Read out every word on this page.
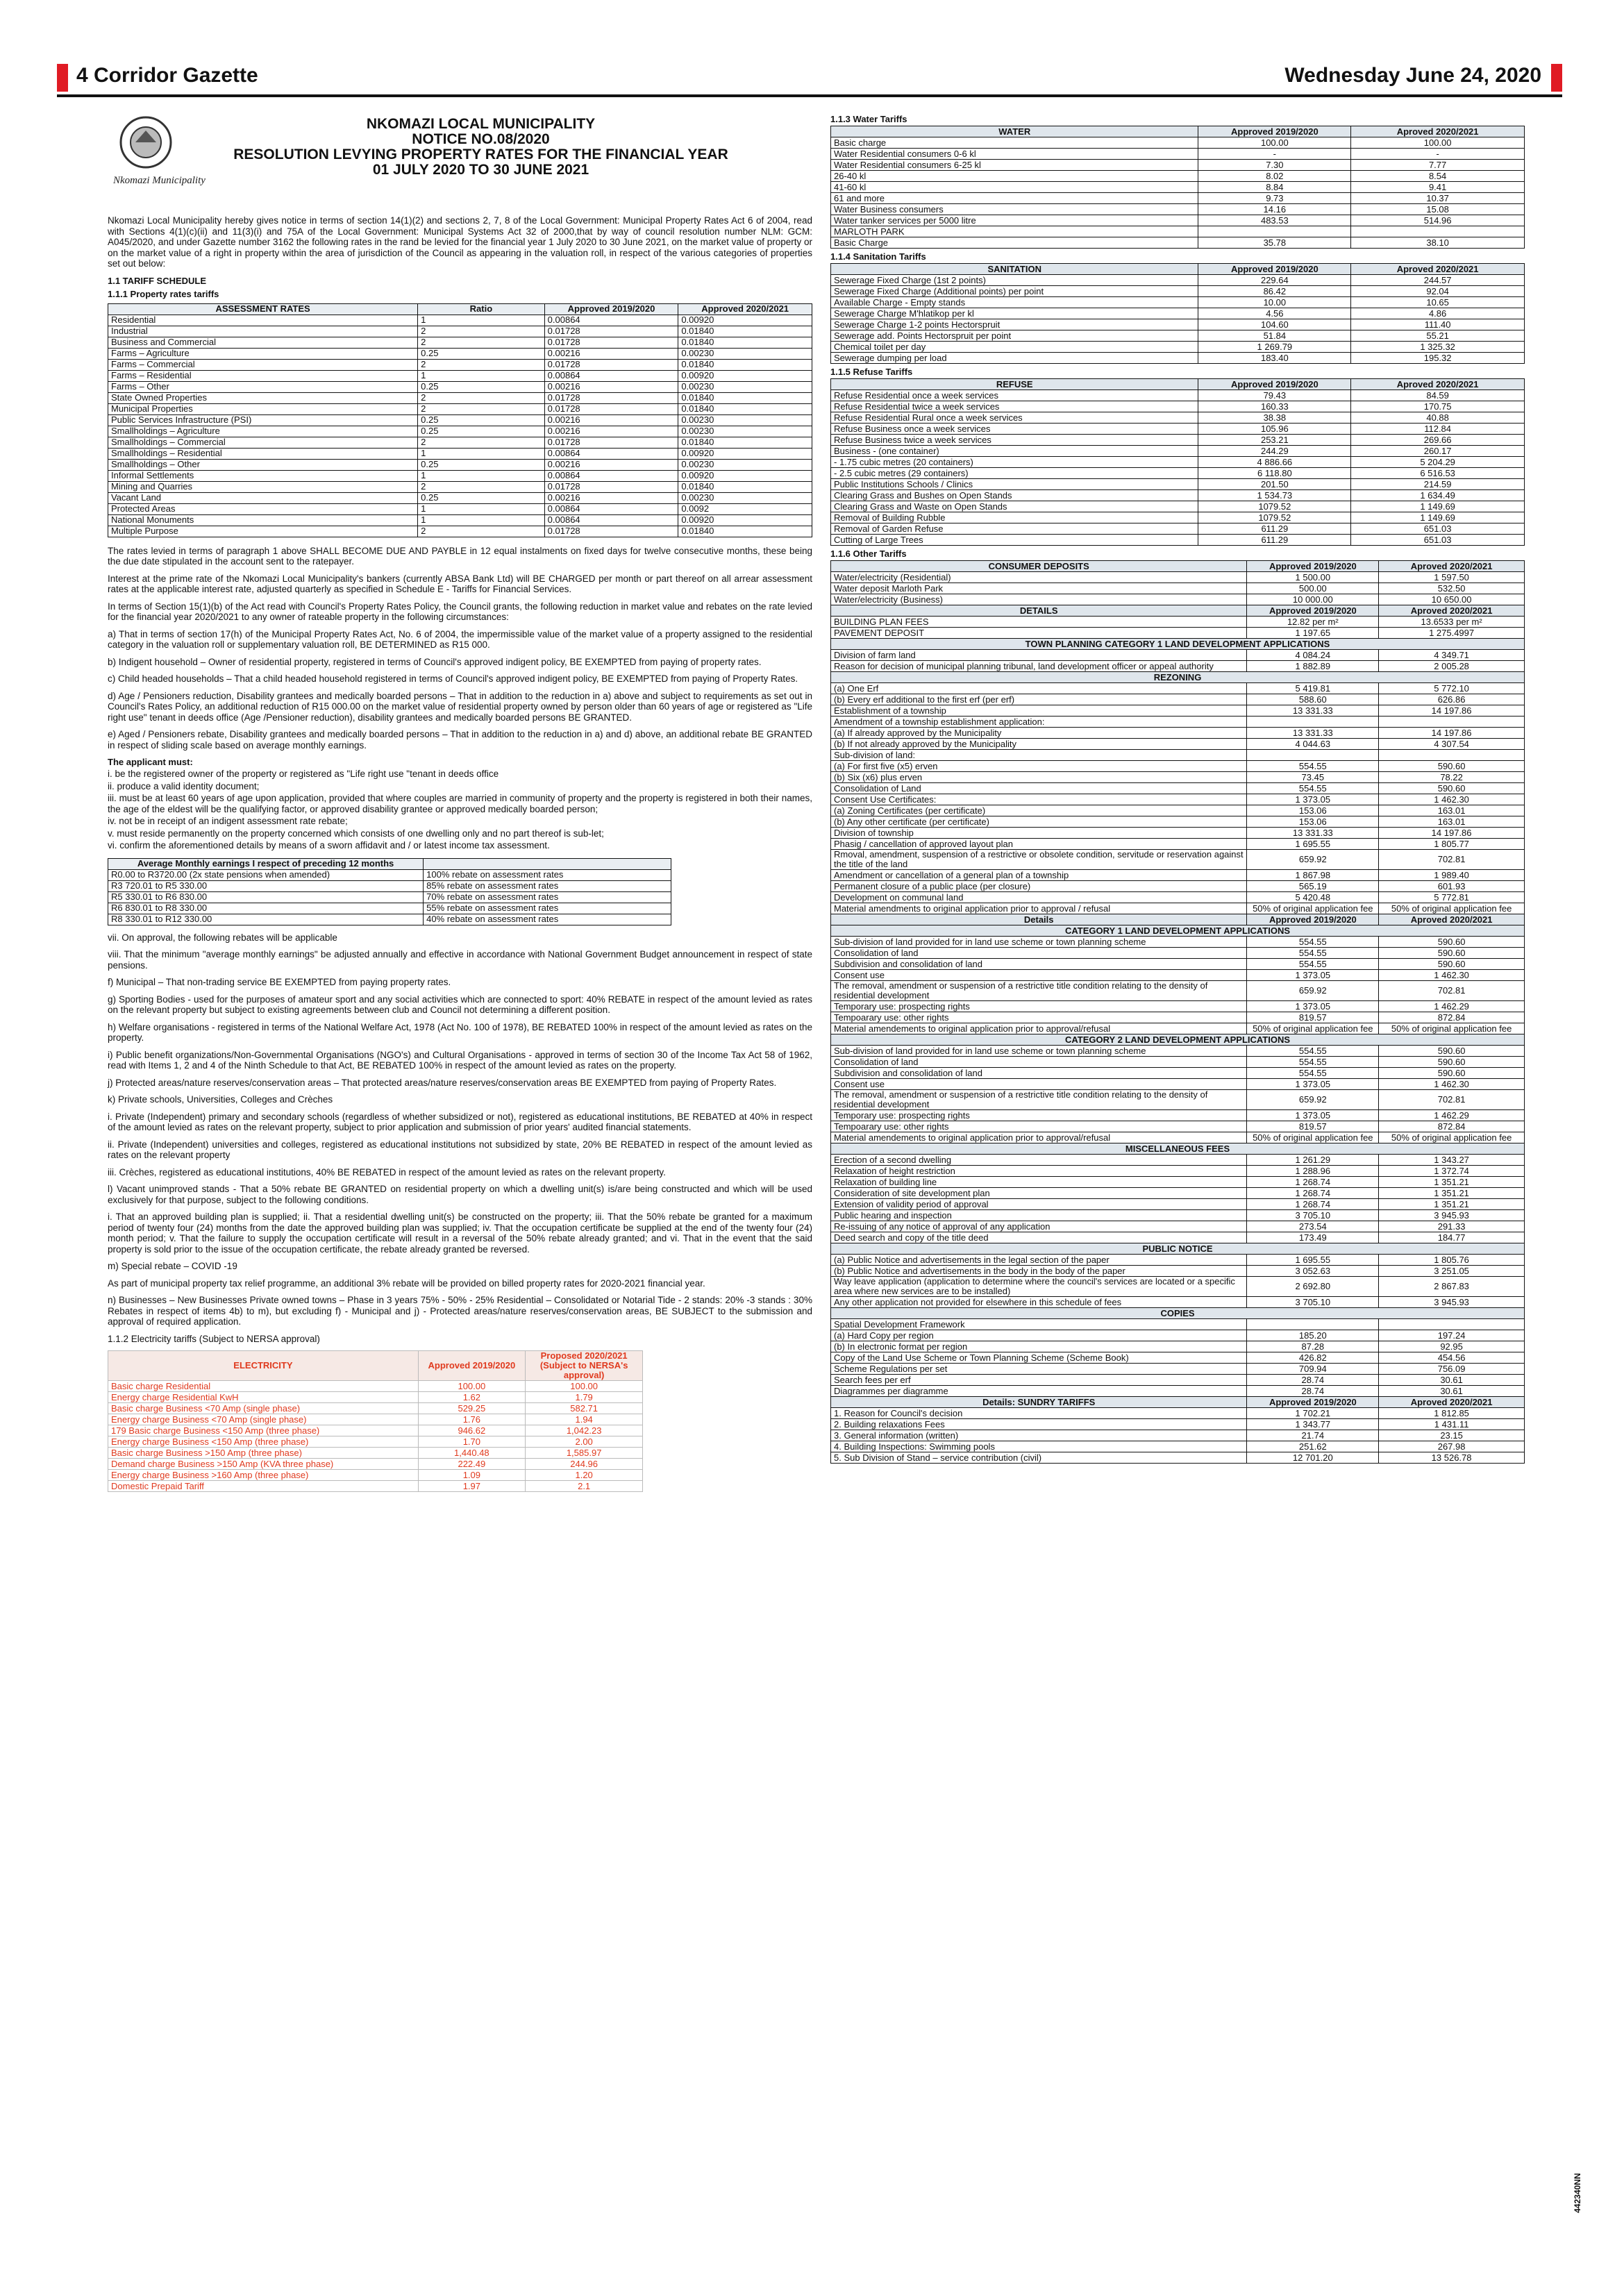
4 Corridor Gazette	Wednesday June 24, 2020
Nkomazi Municipality
NKOMAZI LOCAL MUNICIPALITY
NOTICE NO.08/2020
RESOLUTION LEVYING PROPERTY RATES FOR THE FINANCIAL YEAR
01 JULY 2020 TO 30 JUNE 2021

Nkomazi Local Municipality hereby gives notice in terms of section 14(1)(2) and sections 2, 7, 8 of the Local Government: Municipal Property Rates Act 6 of 2004, read with Sections 4(1)(c)(ii) and 11(3)(i) and 75A of the Local Government: Municipal Systems Act 32 of 2000,that by way of council resolution number NLM: GCM: A045/2020, and under Gazette number 3162 the following rates in the rand be levied for the financial year 1 July 2020 to 30 June 2021, on the market value of property or on the market value of a right in property within the area of jurisdiction of the Council as appearing in the valuation roll, in respect of the various categories of properties set out below:

1.1 TARIFF SCHEDULE
1.1.1 Property rates tariffs
ASSESSMENT RATES	Ratio	Approved 2019/2020	Approved 2020/2021
Residential	1	0.00864	0.00920
Industrial	2	0.01728	0.01840
Business and Commercial	2	0.01728	0.01840
Farms – Agriculture	0.25	0.00216	0.00230
Farms – Commercial	2	0.01728	0.01840
Farms – Residential	1	0.00864	0.00920
Farms – Other	0.25	0.00216	0.00230
State Owned Properties	2	0.01728	0.01840
Municipal Properties	2	0.01728	0.01840
Public Services Infrastructure (PSI)	0.25	0.00216	0.00230
Smallholdings – Agriculture	0.25	0.00216	0.00230
Smallholdings – Commercial	2	0.01728	0.01840
Smallholdings – Residential	1	0.00864	0.00920
Smallholdings – Other	0.25	0.00216	0.00230
Informal Settlements	1	0.00864	0.00920
Mining and Quarries	2	0.01728	0.01840
Vacant Land	0.25	0.00216	0.00230
Protected Areas	1	0.00864	0.0092
National Monuments	1	0.00864	0.00920
Multiple Purpose	2	0.01728	0.01840

The rates levied in terms of paragraph 1 above SHALL BECOME DUE AND PAYBLE in 12 equal instalments on fixed days for twelve consecutive months, these being the due date stipulated in the account sent to the ratepayer.

Interest at the prime rate of the Nkomazi Local Municipality's bankers (currently ABSA Bank Ltd) will BE CHARGED per month or part thereof on all arrear assessment rates at the applicable interest rate, adjusted quarterly as specified in Schedule E - Tariffs for Financial Services.

In terms of Section 15(1)(b) of the Act read with Council's Property Rates Policy, the Council grants, the following reduction in market value and rebates on the rate levied for the financial year 2020/2021 to any owner of rateable property in the following circumstances:

a) That in terms of section 17(h) of the Municipal Property Rates Act, No. 6 of 2004, the impermissible value of the market value of a property assigned to the residential category in the valuation roll or supplementary valuation roll, BE DETERMINED as R15 000.

b) Indigent household – Owner of residential property, registered in terms of Council's approved indigent policy, BE EXEMPTED from paying of property rates.

c) Child headed households – That a child headed household registered in terms of Council's approved indigent policy, BE EXEMPTED from paying of Property Rates.

d) Age / Pensioners reduction, Disability grantees and medically boarded persons – That in addition to the reduction in a) above and subject to requirements as set out in Council's Rates Policy, an additional reduction of R15 000.00 on the market value of residential property owned by person older than 60 years of age or registered as "Life right use" tenant in deeds office (Age /Pensioner reduction), disability grantees and medically boarded persons BE GRANTED.

e) Aged / Pensioners rebate, Disability grantees and medically boarded persons – That in addition to the reduction in a) and d) above, an additional rebate BE GRANTED in respect of sliding scale based on average monthly earnings.

The applicant must:
i. be the registered owner of the property or registered as "Life right use "tenant in deeds office
ii. produce a valid identity document;
iii. must be at least 60 years of age upon application, provided that where couples are married in community of property and the property is registered in both their names, the age of the eldest will be the qualifying factor, or approved disability grantee or approved medically boarded person;
iv. not be in receipt of an indigent assessment rate rebate;
v. must reside permanently on the property concerned which consists of one dwelling only and no part thereof is sub-let;
vi. confirm the aforementioned details by means of a sworn affidavit and / or latest income tax assessment.
Average Monthly earnings I respect of preceding 12 months	
R0.00 to R3720.00 (2x state pensions when amended)	100% rebate on assessment rates
R3 720.01 to R5 330.00	85% rebate on assessment rates
R5 330.01 to R6 830.00	70% rebate on assessment rates
R6 830.01 to R8 330.00	55% rebate on assessment rates
R8 330.01 to R12 330.00	40% rebate on assessment rates

vii. On approval, the following rebates will be applicable

viii. That the minimum "average monthly earnings" be adjusted annually and effective in accordance with National Government Budget announcement in respect of state pensions.

f) Municipal – That non-trading service BE EXEMPTED from paying property rates.

g) Sporting Bodies - used for the purposes of amateur sport and any social activities which are connected to sport: 40% REBATE in respect of the amount levied as rates on the relevant property but subject to existing agreements between club and Council not determining a different position.

h) Welfare organisations - registered in terms of the National Welfare Act, 1978 (Act No. 100 of 1978), BE REBATED 100% in respect of the amount levied as rates on the property.

i) Public benefit organizations/Non-Governmental Organisations (NGO's) and Cultural Organisations - approved in terms of section 30 of the Income Tax Act 58 of 1962, read with Items 1, 2 and 4 of the Ninth Schedule to that Act, BE REBATED 100% in respect of the amount levied as rates on the property.

j) Protected areas/nature reserves/conservation areas – That protected areas/nature reserves/conservation areas BE EXEMPTED from paying of Property Rates.

k) Private schools, Universities, Colleges and Crèches

i. Private (Independent) primary and secondary schools (regardless of whether subsidized or not), registered as educational institutions, BE REBATED at 40% in respect of the amount levied as rates on the relevant property, subject to prior application and submission of prior years' audited financial statements.

ii. Private (Independent) universities and colleges, registered as educational institutions not subsidized by state, 20% BE REBATED in respect of the amount levied as rates on the relevant property

iii. Crèches, registered as educational institutions, 40% BE REBATED in respect of the amount levied as rates on the relevant property.

l) Vacant unimproved stands - That a 50% rebate BE GRANTED on residential property on which a dwelling unit(s) is/are being constructed and which will be used exclusively for that purpose, subject to the following conditions.

i. That an approved building plan is supplied; ii. That a residential dwelling unit(s) be constructed on the property; iii. That the 50% rebate be granted for a maximum period of twenty four (24) months from the date the approved building plan was supplied; iv. That the occupation certificate be supplied at the end of the twenty four (24) month period; v. That the failure to supply the occupation certificate will result in a reversal of the 50% rebate already granted; and vi. That in the event that the said property is sold prior to the issue of the occupation certificate, the rebate already granted be reversed.

m) Special rebate – COVID -19

As part of municipal property tax relief programme, an additional 3% rebate will be provided on billed property rates for 2020-2021 financial year.

n) Businesses – New Businesses Private owned towns – Phase in 3 years 75% - 50% - 25% Residential – Consolidated or Notarial Tide - 2 stands: 20% -3 stands : 30% Rebates in respect of items 4b) to m), but excluding f) - Municipal and j) - Protected areas/nature reserves/conservation areas, BE SUBJECT to the submission and approval of required application.

1.1.2 Electricity tariffs (Subject to NERSA approval)

ELECTRICITY	Approved 2019/2020	Proposed 2020/2021 (Subject to NERSA's approval)
Basic charge Residential	100.00	100.00
Energy charge Residential KwH	1.62	1.79
Basic charge Business <70 Amp (single phase)	529.25	582.71
Energy charge Business <70 Amp (single phase)	1.76	1.94
179 Basic charge Business <150 Amp (three phase)	946.62	1,042.23
Energy charge Business <150 Amp (three phase)	1.70	2.00
Basic charge Business >150 Amp (three phase)	1,440.48	1,585.97
Demand charge Business >150 Amp (KVA three phase)	222.49	244.96
Energy charge Business >160 Amp (three phase)	1.09	1.20
Domestic Prepaid Tariff	1.97	2.1
1.1.3 Water Tariffs
WATER	Approved 2019/2020	Aproved 2020/2021
Basic charge	100.00	100.00
Water Residential consumers 0-6 kl	-	-
Water Residential consumers 6-25 kl	7.30	7.77
26-40 kl	8.02	8.54
41-60 kl	8.84	9.41
61 and more	9.73	10.37
Water Business consumers	14.16	15.08
Water tanker services per 5000 litre	483.53	514.96
MARLOTH PARK		
Basic Charge	35.78	38.10
1.1.4 Sanitation Tariffs
SANITATION	Approved 2019/2020	Aproved 2020/2021
Sewerage Fixed Charge (1st 2 points)	229.64	244.57
Sewerage Fixed Charge (Additional points) per point	86.42	92.04
Available Charge - Empty stands	10.00	10.65
Sewerage Charge M'hlatikop per kl	4.56	4.86
Sewerage Charge 1-2 points Hectorspruit	104.60	111.40
Sewerage add. Points Hectorspruit per point	51.84	55.21
Chemical toilet per day	1 269.79	1 325.32
Sewerage dumping per load	183.40	195.32
1.1.5 Refuse Tariffs
REFUSE	Approved 2019/2020	Aproved 2020/2021
Refuse Residential once a week services	79.43	84.59
Refuse Residential twice a week services	160.33	170.75
Refuse Residential Rural once a week services	38.38	40.88
Refuse Business once a week services	105.96	112.84
Refuse Business twice a week services	253.21	269.66
Business - (one container)	244.29	260.17
- 1.75 cubic metres (20 containers)	4 886.66	5 204.29
- 2.5 cubic metres (29 containers)	6 118.80	6 516.53
Public Institutions Schools / Clinics	201.50	214.59
Clearing Grass and Bushes on Open Stands	1 534.73	1 634.49
Clearing Grass and Waste on Open Stands	1079.52	1 149.69
Removal of Building Rubble	1079.52	1 149.69
Removal of Garden Refuse	611.29	651.03
Cutting of Large Trees	611.29	651.03
1.1.6 Other Tariffs
CONSUMER DEPOSITS	Approved 2019/2020	Aproved 2020/2021
Water/electricity (Residential)	1 500.00	1 597.50
Water deposit Marloth Park	500.00	532.50
Water/electricity (Business)	10 000.00	10 650.00
DETAILS	Approved 2019/2020	Aproved 2020/2021
BUILDING PLAN FEES	12.82 per m²	13.6533 per m²
PAVEMENT DEPOSIT	1 197.65	1 275.4997
TOWN PLANNING CATEGORY 1 LAND DEVELOPMENT APPLICATIONS		
Division of farm land	4 084.24	4 349.71
Reason for decision of municipal planning tribunal, land development officer or appeal authority	1 882.89	2 005.28
REZONING		
(a) One Erf	5 419.81	5 772.10
(b) Every erf additional to the first erf (per erf)	588.60	626.86
Establishment of a township	13 331.33	14 197.86
Amendment of a township establishment application:		
(a) If already approved by the Municipality	13 331.33	14 197.86
(b) If not already approved by the Municipality	4 044.63	4 307.54
Sub-division of land:		
(a) For first five (x5) erven	554.55	590.60
(b) Six (x6) plus erven	73.45	78.22
Consolidation of Land	554.55	590.60
Consent Use Certificates:	1 373.05	1 462.30
(a) Zoning Certificates (per certificate)	153.06	163.01
(b) Any other certificate (per certificate)	153.06	163.01
Division of township	13 331.33	14 197.86
Phasig / cancellation of approved layout plan	1 695.55	1 805.77
Rmoval, amendment, suspension of a restrictive or obsolete condition, servitude or reservation against the title of the land	659.92	702.81
Amendment or cancellation of a general plan of a township	1 867.98	1 989.40
Permanent closure of a public place (per closure)	565.19	601.93
Development on communal land	5 420.48	5 772.81
Material amendments to original application prior to approval / refusal	50% of original application fee	50% of original application fee
Details	Approved 2019/2020	Aproved 2020/2021
CATEGORY 1 LAND DEVELOPMENT APPLICATIONS		
Sub-division of land provided for in land use scheme or town planning scheme	554.55	590.60
Consolidation of land	554.55	590.60
Subdivision and consolidation of land	554.55	590.60
Consent use	1 373.05	1 462.30
The removal, amendment or suspension of a restrictive title condition relating to the density of residential development	659.92	702.81
Temporary use: prospecting rights	1 373.05	1 462.29
Tempoarary use: other rights	819.57	872.84
Material amendements to original application prior to approval/refusal	50% of original application fee	50% of original application fee
CATEGORY 2 LAND DEVELOPMENT APPLICATIONS		
Sub-division of land provided for in land use scheme or town planning scheme	554.55	590.60
Consolidation of land	554.55	590.60
Subdivision and consolidation of land	554.55	590.60
Consent use	1 373.05	1 462.30
The removal, amendment or suspension of a restrictive title condition relating to the density of residential development	659.92	702.81
Temporary use: prospecting rights	1 373.05	1 462.29
Tempoarary use: other rights	819.57	872.84
Material amendements to original application prior to approval/refusal	50% of original application fee	50% of original application fee
MISCELLANEOUS FEES		
Erection of a second dwelling	1 261.29	1 343.27
Relaxation of height restriction	1 288.96	1 372.74
Relaxation of building line	1 268.74	1 351.21
Consideration of site development plan	1 268.74	1 351.21
Extension of validity period of approval	1 268.74	1 351.21
Public hearing and inspection	3 705.10	3 945.93
Re-issuing of any notice of approval of any application	273.54	291.33
Deed search and copy of the title deed	173.49	184.77
PUBLIC NOTICE		
(a) Public Notice and advertisements in the legal section of the paper	1 695.55	1 805.76
(b) Public Notice and advertisements in the body in the body of the paper	3 052.63	3 251.05
Way leave application (application to determine where the council's services are located or a specific area where new services are to be installed)	2 692.80	2 867.83
Any other application not provided for elsewhere in this schedule of fees	3 705.10	3 945.93
COPIES		
Spatial Development Framework		
(a) Hard Copy per region	185.20	197.24
(b) In electronic format per region	87.28	92.95
Copy of the Land Use Scheme or Town Planning Scheme (Scheme Book)	426.82	454.56
Scheme Regulations per set	709.94	756.09
Search fees per erf	28.74	30.61
Diagrammes per diagramme	28.74	30.61
Details: SUNDRY TARIFFS	Approved 2019/2020	Aproved 2020/2021
1. Reason for Council's decision	1 702.21	1 812.85
2. Building relaxations Fees	1 343.77	1 431.11
3. General information (written)	21.74	23.15
4. Building Inspections: Swimming pools	251.62	267.98
5. Sub Division of Stand – service contribution (civil)	12 701.20	13 526.78
442340NN
